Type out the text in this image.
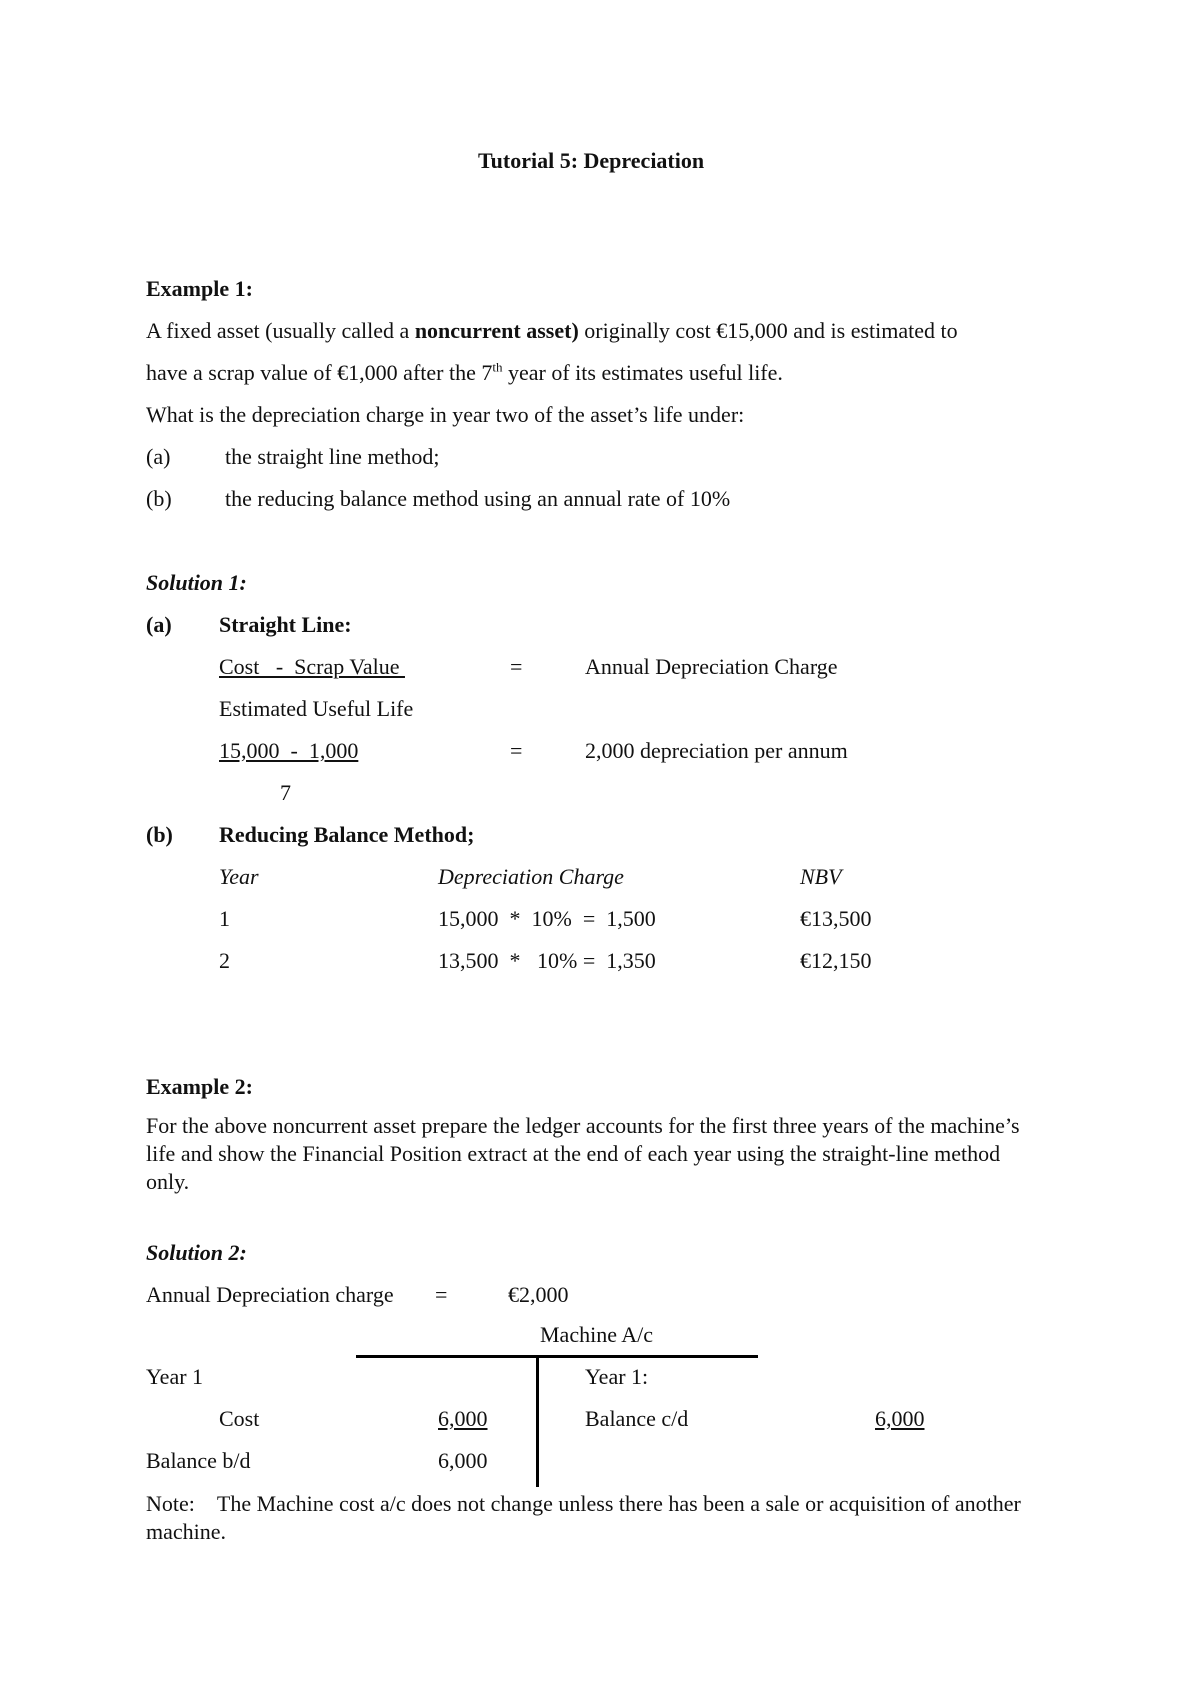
Tutorial 5: Depreciation
Example 1:
A fixed asset (usually called a noncurrent asset) originally cost €15,000 and is estimated to
have a scrap value of €1,000 after the 7th year of its estimates useful life.
What is the depreciation charge in year two of the asset’s life under:
(a) the straight line method;
(b) the reducing balance method using an annual rate of 10%
Solution 1:
(a) Straight Line:
Cost   -  Scrap Value	=	Annual Depreciation Charge
Estimated Useful Life
15,000  -  1,000	=	2,000 depreciation per annum
7
(b) Reducing Balance Method;
Year	Depreciation Charge	NBV
1	15,000  *  10%  =  1,500	€13,500
2	13,500  *   10% =  1,350	€12,150
Example 2:
For the above noncurrent asset prepare the ledger accounts for the first three years of the machine’s life and show the Financial Position extract at the end of each year using the straight-line method only.
Solution 2:
Annual Depreciation charge =	€2,000
Machine A/c
Year 1	Year 1:
Cost	6,000	Balance c/d	6,000
Balance b/d	6,000
Note: The Machine cost a/c does not change unless there has been a sale or acquisition of another machine.
